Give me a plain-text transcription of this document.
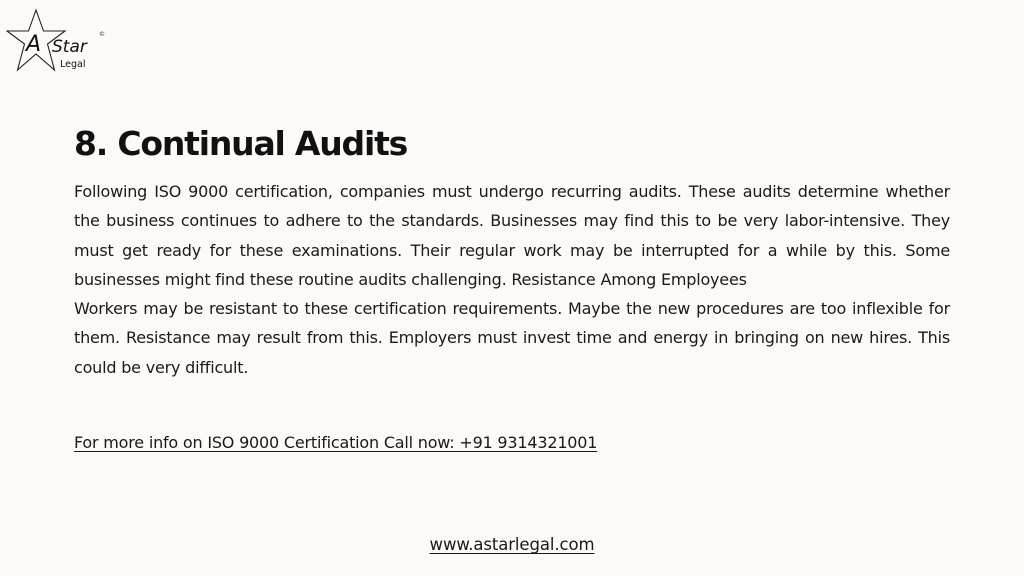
A Star
Legal
©
8. Continual Audits

Following ISO 9000 certification, companies must undergo recurring audits. These audits determine whether the business continues to adhere to the standards. Businesses may find this to be very labor-intensive. They must get ready for these examinations. Their regular work may be interrupted for a while by this. Some businesses might find these routine audits challenging. Resistance Among Employees

Workers may be resistant to these certification requirements. Maybe the new procedures are too inflexible for them. Resistance may result from this. Employers must invest time and energy in bringing on new hires. This could be very difficult.

For more info on ISO 9000 Certification Call now: +91 9314321001
www.astarlegal.com
